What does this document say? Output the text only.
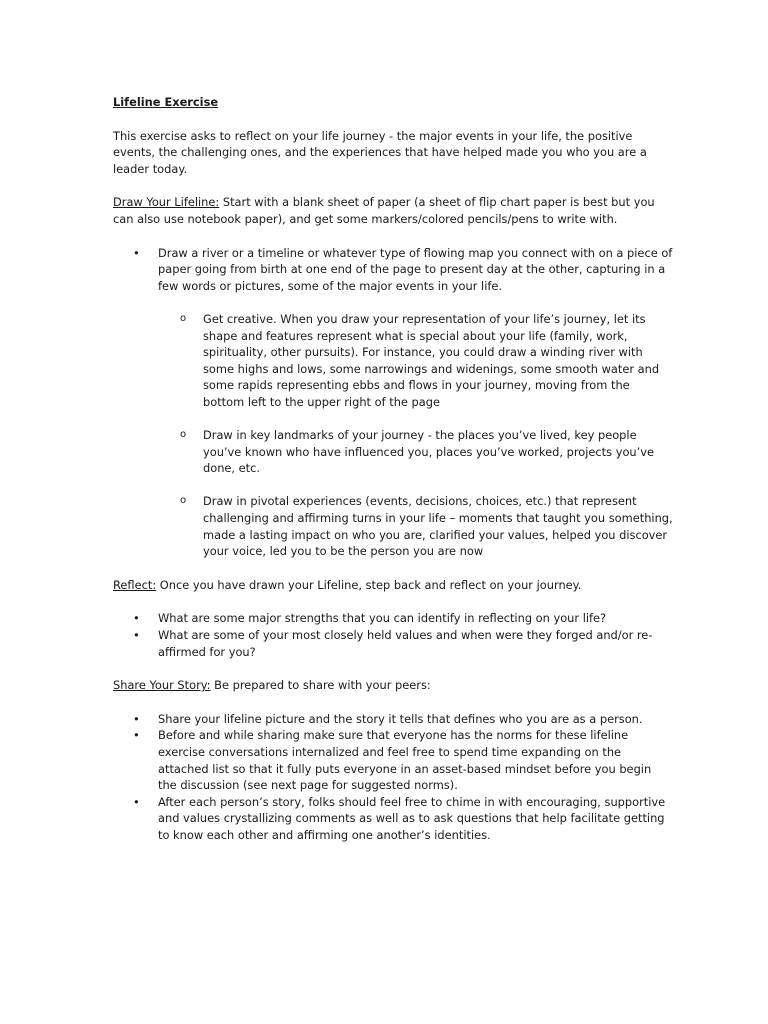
Lifeline Exercise

This exercise asks to reflect on your life journey - the major events in your life, the positive events, the challenging ones, and the experiences that have helped made you who you are a leader today.

Draw Your Lifeline: Start with a blank sheet of paper (a sheet of flip chart paper is best but you can also use notebook paper), and get some markers/colored pencils/pens to write with.

• Draw a river or a timeline or whatever type of flowing map you connect with on a piece of paper going from birth at one end of the page to present day at the other, capturing in a few words or pictures, some of the major events in your life.
o Get creative. When you draw your representation of your life’s journey, let its shape and features represent what is special about your life (family, work, spirituality, other pursuits). For instance, you could draw a winding river with some highs and lows, some narrowings and widenings, some smooth water and some rapids representing ebbs and flows in your journey, moving from the bottom left to the upper right of the page
o Draw in key landmarks of your journey - the places you’ve lived, key people you’ve known who have influenced you, places you’ve worked, projects you’ve done, etc.
o Draw in pivotal experiences (events, decisions, choices, etc.) that represent challenging and affirming turns in your life – moments that taught you something, made a lasting impact on who you are, clarified your values, helped you discover your voice, led you to be the person you are now

Reflect: Once you have drawn your Lifeline, step back and reflect on your journey.

• What are some major strengths that you can identify in reflecting on your life?
• What are some of your most closely held values and when were they forged and/or re-affirmed for you?

Share Your Story: Be prepared to share with your peers:

• Share your lifeline picture and the story it tells that defines who you are as a person.
• Before and while sharing make sure that everyone has the norms for these lifeline exercise conversations internalized and feel free to spend time expanding on the attached list so that it fully puts everyone in an asset-based mindset before you begin the discussion (see next page for suggested norms).
• After each person’s story, folks should feel free to chime in with encouraging, supportive and values crystallizing comments as well as to ask questions that help facilitate getting to know each other and affirming one another’s identities.
